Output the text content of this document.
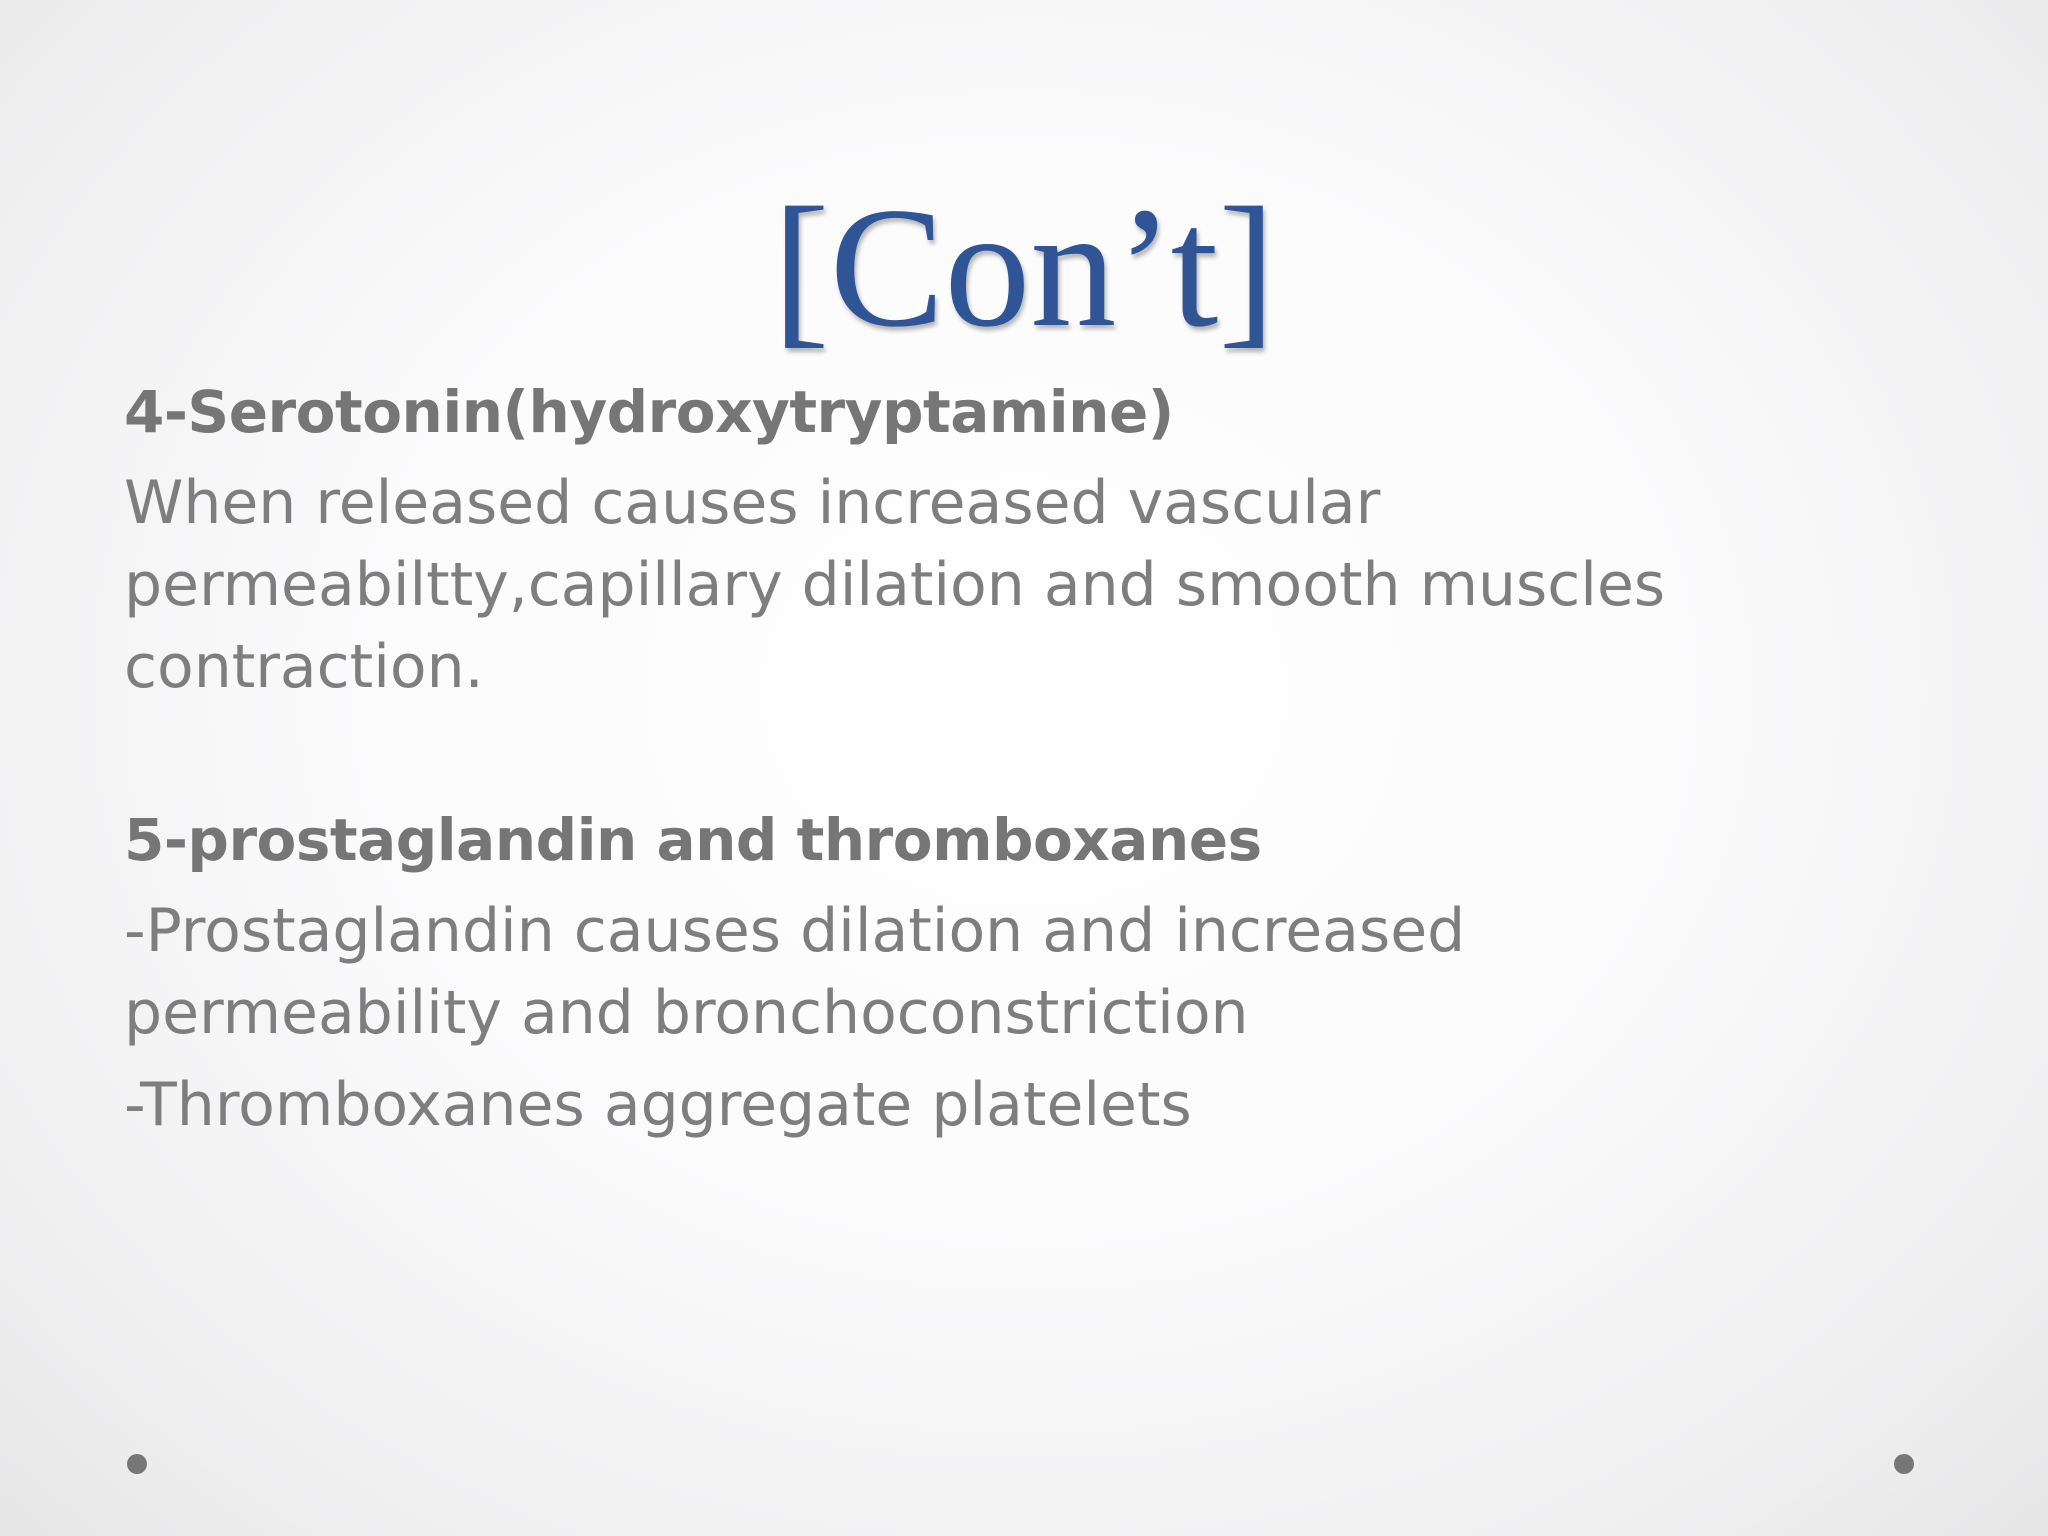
[Con’t]
4-Serotonin(hydroxytryptamine)
When released causes increased vascular
permeabiltty,capillary dilation and smooth muscles
contraction.
5-prostaglandin and thromboxanes
-Prostaglandin causes dilation and increased
permeability and bronchoconstriction
-Thromboxanes aggregate platelets
